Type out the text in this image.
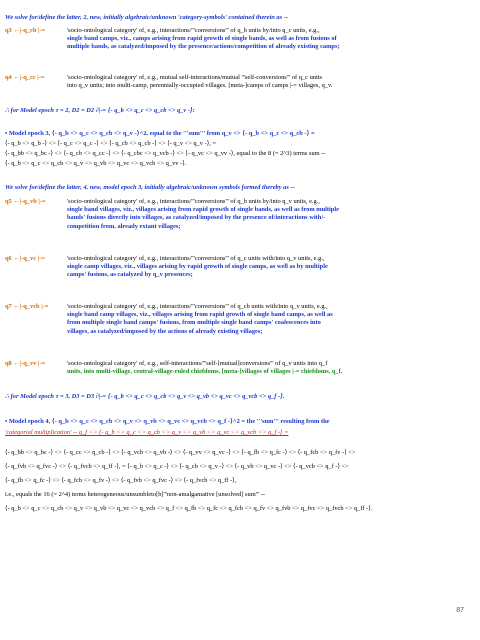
We solve for/define the latter, 2, new, initially algebraic/unknown 'category-symbols' contained therein as --
q3 ←|-q_cb |-=	'socio-ontological category' of, e.g., interactions/'''conversions''' of q_b units by/into q_c units, e.g.,
single band camps, viz., camps arising from rapid growth of single bands, as well as from fusions of
multiple bands, as catalyzed/imposed by the presence/actions/competition of already existing camps;
q4 ←|-q_cc |-=	'socio-ontological category' of, e.g., mutual self-interactions/mutual '''self-conversions''' of q_c units
into q_v units; into multi-camp, perennially-occupied villages. [meta-]camps of camps |-= villages, q_v.
∴ for Model epoch τ = 2, D2 = D2 ∂|-= ⟨- q_b <> q_c <> q_cb <> q_v -⟩:
• Model epoch 3, ⟨- q_b <> q_c <> q_cb <> q_v -⟩^2, equal to the '''sum''' from q_v <> ⟨- q_b <> q_c <> q_cb -⟩ =
⟨- q_b <> q_b -⟩ <> ⟨- q_c <> q_c -⟩ <> ⟨- q_cb <> q_cb -⟩ <> ⟨- q_v <> q_v -⟩, =
⟨- q_bb <> q_bc -⟩ <> ⟨- q_cb <> q_cc -⟩ <> ⟨- q_cbc <> q_vcb -⟩ <> ⟨- q_vc <> q_vv -⟩, equal to the 8 (= 2^3) terms sum --
⟨- q_b <> q_c <> q_cb <> q_v <> q_vb <> q_vc <> q_vcb <> q_vv -⟩.
We solve for/define the latter, 4, new, model epoch 3, initially algebraic/unknown symbols formed thereby as --
q5 ←|-q_vb |-=	'socio-ontological category' of, e.g., interactions/'''conversions''' of q_b units by/into q_v units, e.g.,
single band villages, viz., villages arising from rapid growth of single bands, as well as from multiple
bands' fusions directly into villages, as catalyzed/imposed by the presence of/interactions with/-
competition from, already extant villages;
q6 ←|-q_vc |-=	'socio-ontological category' of, e.g., interactions/'''conversions''' of q_c units with/into q_v units, e.g.,
single camp villages, viz., villages arising by rapid growth of single camps, as well as by multiple
camps' fusions, as catalyzed by q_v presences;
q7 ←|-q_vcb |-=	'socio-ontological category' of, e.g., interactions/'''conversions''' of q_cb units with/into q_v units, e.g.,
single band camp villages, viz., villages arising from rapid growth of single band camps, as well as
from multiple single band camps' fusions, from multiple single band camps' coalescences into
villages, as catalyzed/imposed by the actions of already existing villages;
q8 ←|-q_vv |-=	'socio-ontological category' of, e.g., self-interactions/'''self-[mutual]conversions''' of q_v units into q_f
units, into multi-village, central-village-ruled chiefdoms. [meta-]villages of villages |-= chiefdoms, q_f.
∴ for Model epoch τ = 3, D3 = D3 ∂|-= ⟨- q_b <> q_c <> q_cb <> q_v <> q_vb <> q_vc <> q_vcb <> q_f -⟩.
• Model epoch 4, ⟨- q_b <> q_c <> q_cb <> q_v <> q_vb <> q_vc <> q_vcb <> q_f -⟩^2 = the '''sum''' resulting from the
'categorial multiplication' -- q_f <> ⟨- q_b <> q_c <> q_cb <> q_v <> q_vb <> q_vc <> q_vcb <> q_f -⟩ =
⟨- q_bb <> q_bc -⟩ <> ⟨- q_cc <> q_cb -⟩ <> ⟨- q_vcb <> q_vb -⟩ <> ⟨- q_vv <> q_vc -⟩ <> ⟨- q_fb <> q_fc -⟩ <> ⟨- q_fcb <> q_fv -⟩ <>
⟨- q_fvb <> q_fvc -⟩ <> ⟨- q_fvcb <> q_ff -⟩, = ⟨- q_b <> q_c -⟩ <> ⟨- q_cb <> q_v -⟩ <> ⟨- q_vb <> q_vc -⟩ <> ⟨- q_vcb <> q_f -⟩ <>
⟨- q_fb <> q_fc -⟩ <> ⟨- q_fcb <> q_fv -⟩ <> ⟨- q_fvb <> q_fvc -⟩ <> ⟨- q_fvcb <> q_ff -⟩,
i.e., equals the 16 (= 2^4) terms heterogeneous/unsumbleto[b]'''non-amalgamative [unsolved] sum''' --
⟨- q_b <> q_c <> q_cb <> q_v <> q_vb <> q_vc <> q_vcb <> q_f <> q_fb <> q_fc <> q_fcb <> q_fv <> q_fvb <> q_fvc <> q_fvcb <> q_ff -⟩.
87
